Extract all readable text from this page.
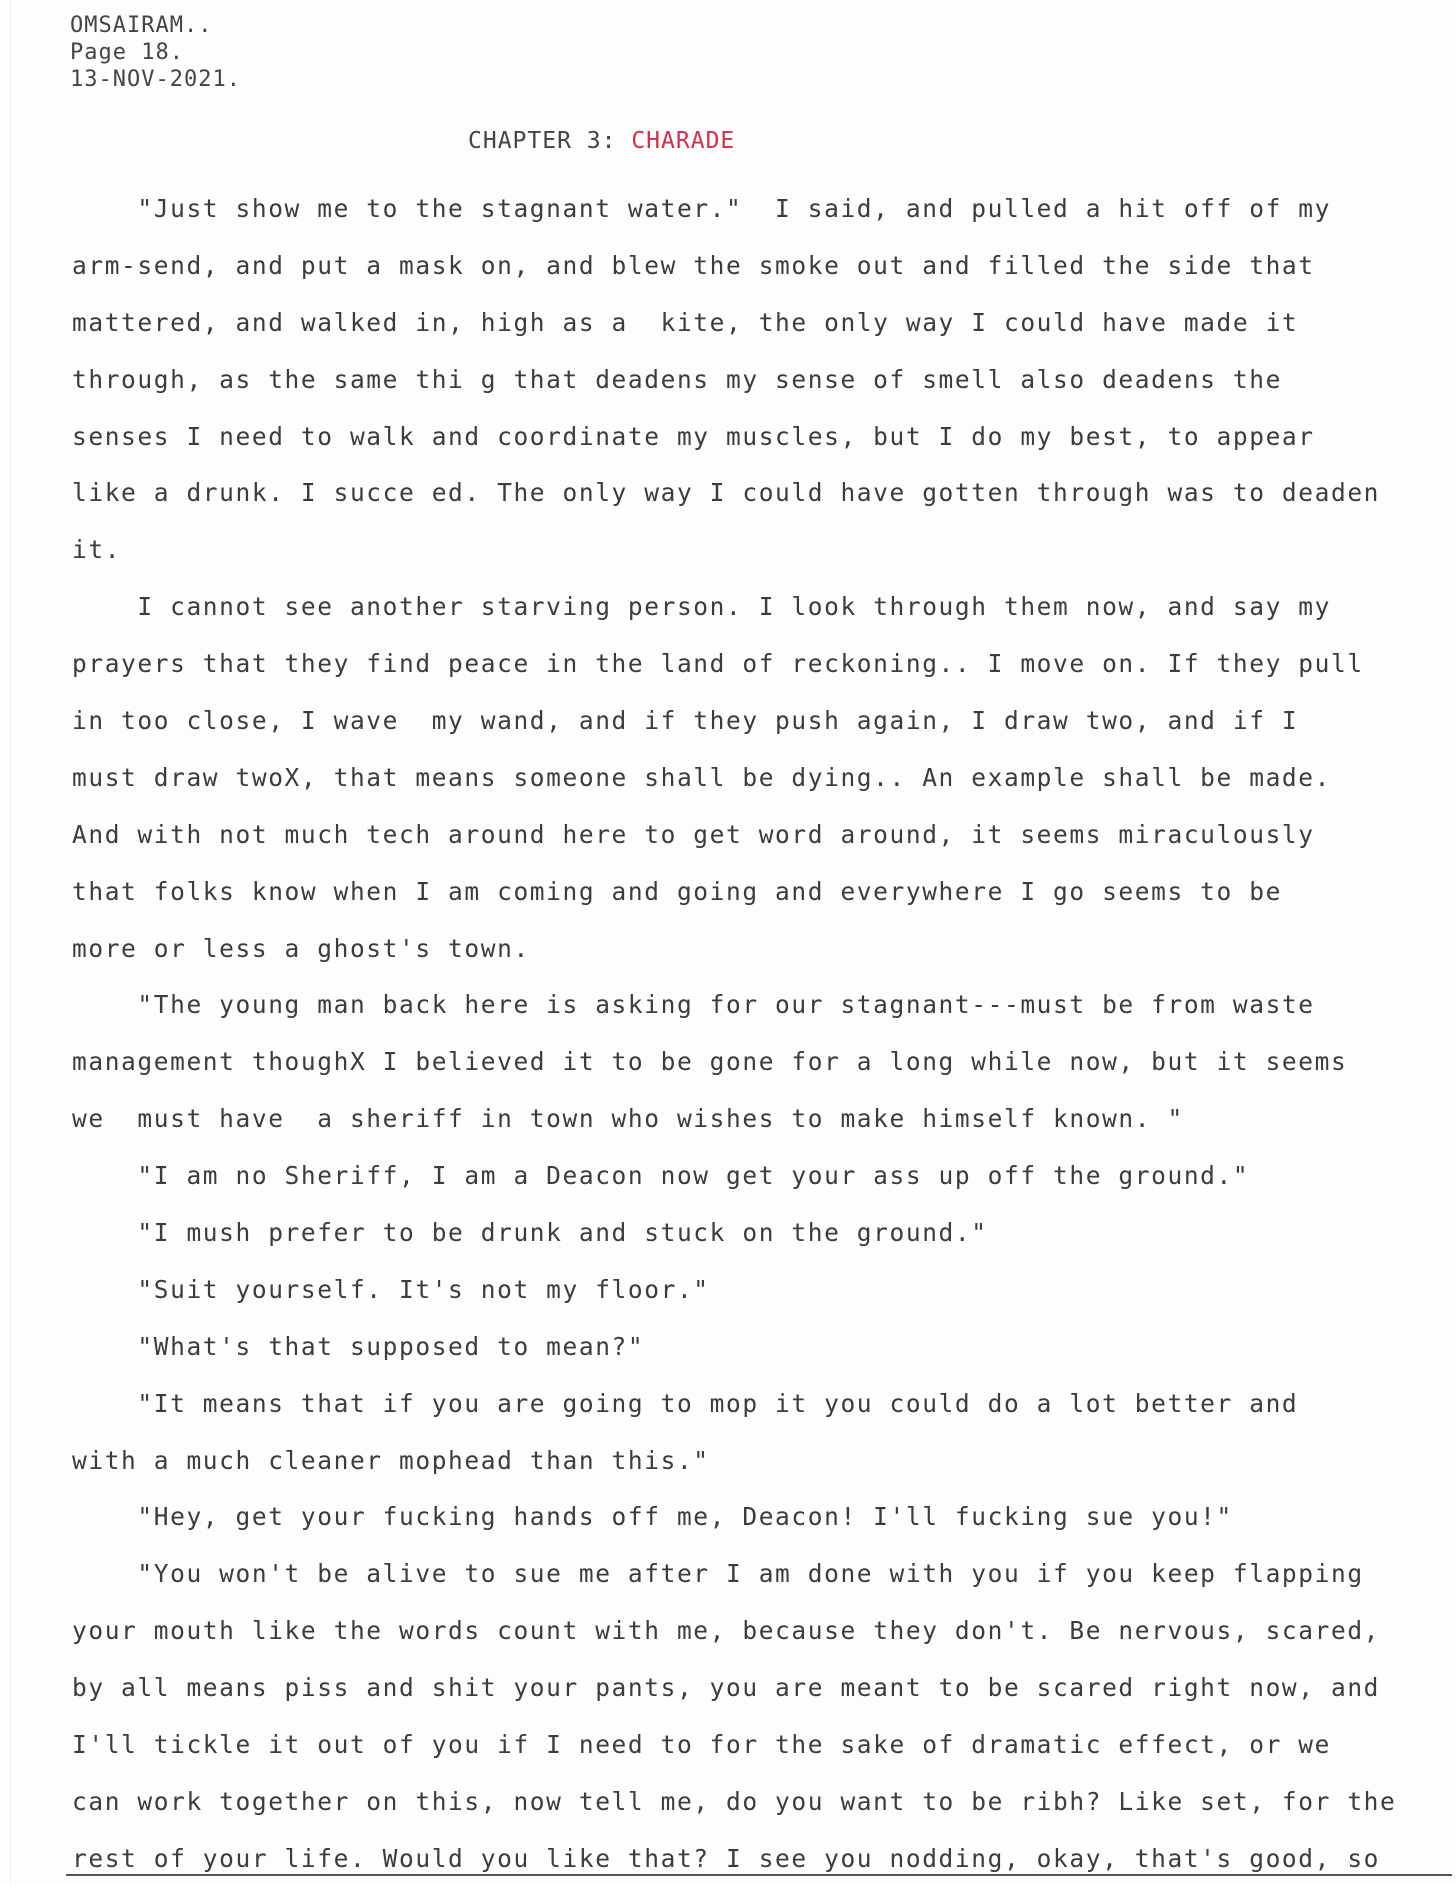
OMSAIRAM..
Page 18.
13-NOV-2021.
CHAPTER 3: CHARADE
"Just show me to the stagnant water."  I said, and pulled a hit off of my
arm-send, and put a mask on, and blew the smoke out and filled the side that
mattered, and walked in, high as a  kite, the only way I could have made it
through, as the same thi g that deadens my sense of smell also deadens the
senses I need to walk and coordinate my muscles, but I do my best, to appear
like a drunk. I succe ed. The only way I could have gotten through was to deaden
it.
I cannot see another starving person. I look through them now, and say my
prayers that they find peace in the land of reckoning.. I move on. If they pull
in too close, I wave  my wand, and if they push again, I draw two, and if I
must draw twoX, that means someone shall be dying.. An example shall be made.
And with not much tech around here to get word around, it seems miraculously
that folks know when I am coming and going and everywhere I go seems to be
more or less a ghost's town.
"The young man back here is asking for our stagnant---must be from waste
management thoughX I believed it to be gone for a long while now, but it seems
we  must have  a sheriff in town who wishes to make himself known. "
"I am no Sheriff, I am a Deacon now get your ass up off the ground."
"I mush prefer to be drunk and stuck on the ground."
"Suit yourself. It's not my floor."
"What's that supposed to mean?"
"It means that if you are going to mop it you could do a lot better and
with a much cleaner mophead than this."
"Hey, get your fucking hands off me, Deacon! I'll fucking sue you!"
"You won't be alive to sue me after I am done with you if you keep flapping
your mouth like the words count with me, because they don't. Be nervous, scared,
by all means piss and shit your pants, you are meant to be scared right now, and
I'll tickle it out of you if I need to for the sake of dramatic effect, or we
can work together on this, now tell me, do you want to be ribh? Like set, for the
rest of your life. Would you like that? I see you nodding, okay, that's good, so
